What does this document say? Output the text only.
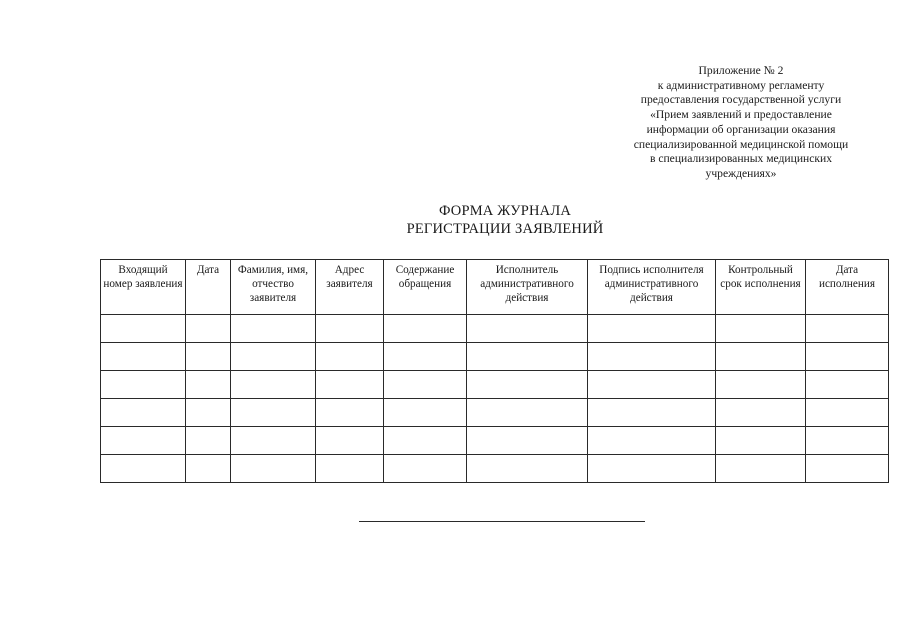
Приложение № 2
к административному регламенту
предоставления государственной услуги
«Прием заявлений и предоставление
информации об организации оказания
специализированной медицинской помощи
в специализированных медицинских
учреждениях»
ФОРМА ЖУРНАЛА
РЕГИСТРАЦИИ ЗАЯВЛЕНИЙ
Входящий номер заявления	Дата	Фамилия, имя, отчество заявителя	Адрес заявителя	Содержание обращения	Исполнитель административного действия	Подпись исполнителя административного действия	Контрольный срок исполнения	Дата исполнения
